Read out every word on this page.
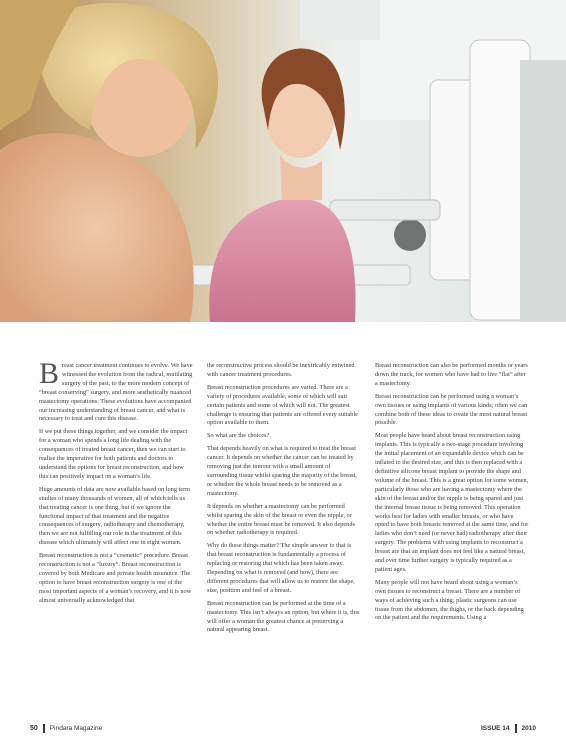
Breast cancer treatment continues to evolve. We have witnessed the evolution from the radical, mutilating surgery of the past, to the more modern concept of “breast conserving” surgery, and more aesthetically nuanced mastectomy operations. These evolutions have accompanied our increasing understanding of breast cancer, and what is necessary to treat and cure this disease.

If we put these things together, and we consider the impact for a woman who spends a long life dealing with the consequences of treated breast cancer, then we can start to realise the imperative for both patients and doctors to understand the options for breast reconstruction, and how this can positively impact on a woman’s life.

Huge amounts of data are now available based on long term studies of many thousands of women, all of which tells us that treating cancer is one thing, but if we ignore the functional impact of that treatment and the negative consequences of surgery, radiotherapy and chemotherapy, then we are not fulfilling our role in the treatment of this disease which ultimately will affect one in eight women.

Breast reconstruction is not a “cosmetic” procedure. Breast reconstruction is not a “luxury”. Breast reconstruction is covered by both Medicare and private health insurance. The option to have breast reconstruction surgery is one of the most important aspects of a woman’s recovery, and it is now almost universally acknowledged that

the reconstructive process should be inextricably entwined with cancer treatment procedures.

Breast reconstruction procedures are varied. There are a variety of procedures available, some of which will suit certain patients and some of which will not. The greatest challenge is ensuring that patients are offered every suitable option available to them.

So what are the choices?

That depends heavily on what is required to treat the breast cancer. It depends on whether the cancer can be treated by removing just the tumour with a small amount of surrounding tissue whilst sparing the majority of the breast, or whether the whole breast needs to be removed as a mastectomy.

It depends on whether a mastectomy can be performed whilst sparing the skin of the breast or even the nipple, or whether the entire breast must be removed. It also depends on whether radiotherapy is required.

Why do these things matter? The simple answer to that is that breast reconstruction is fundamentally a process of replacing or restoring that which has been taken away. Depending on what is removed (and how), there are different procedures that will allow us to restore the shape, size, position and feel of a breast.

Breast reconstruction can be performed at the time of a mastectomy. This isn’t always an option, but where it is, this will offer a woman the greatest chance at preserving a natural appearing breast.

Breast reconstruction can also be performed months or years down the track, for women who have had to live “flat” after a mastectomy.

Breast reconstruction can be performed using a woman’s own tissues or using implants of various kinds; often we can combine both of these ideas to create the most natural breast possible.

Most people have heard about breast reconstruction using implants. This is typically a two-stage procedure involving the initial placement of an expandable device which can be inflated to the desired size, and this is then replaced with a definitive silicone breast implant to provide the shape and volume of the breast. This is a great option for some women, particularly those who are having a mastectomy where the skin of the breast and/or the nipple is being spared and just the internal breast tissue is being removed. This operation works best for ladies with smaller breasts, or who have opted to have both breasts removed at the same time, and for ladies who don’t need (or never had) radiotherapy after their surgery. The problems with using implants to reconstruct a breast are that an implant does not feel like a natural breast, and over time further surgery is typically required as a patient ages.

Many people will not have heard about using a woman’s own tissues to reconstruct a breast. There are a number of ways of achieving such a thing; plastic surgeons can use tissue from the abdomen, the thighs, or the back depending on the patient and the requirements. Using a

50 Pindara Magazine	ISSUE 14 2010
